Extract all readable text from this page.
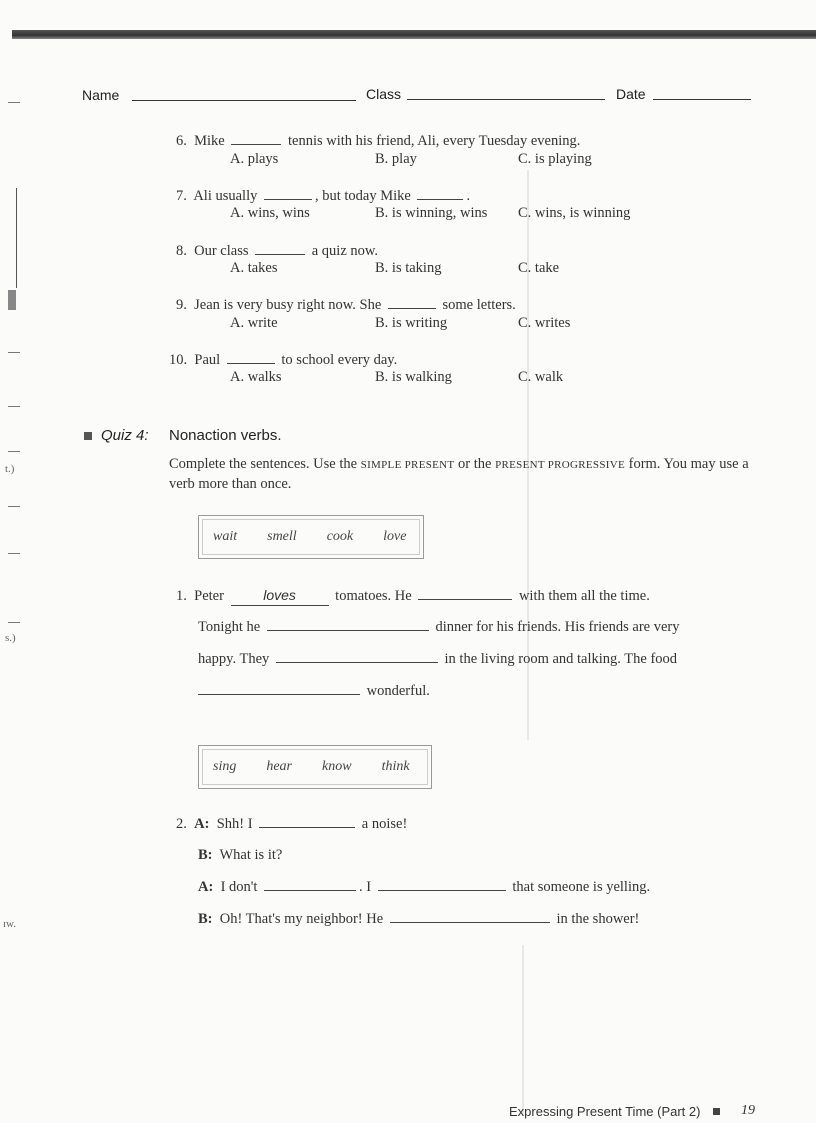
t.)
s.)
ɪw.
Name	Class	Date
6. Mike	tennis with his friend, Ali, every Tuesday evening.
A. plays	B. play	C. is playing
7. Ali usually	, but today Mike	.
A. wins, wins	B. is winning, wins C. wins, is winning
8. Our class	a quiz now.
A. takes	B. is taking	C. take
9. Jean is very busy right now. She	some letters.
A. write	B. is writing	C. writes
10. Paul	to school every day.
A. walks	B. is walking	C. walk
Quiz 4: Nonaction verbs.
Complete the sentences. Use the SIMPLE PRESENT or the PRESENT PROGRESSIVE form. You may use a verb more than once.
wait smell cook love
1. Peter	loves	tomatoes. He	with them all the time.
Tonight he	dinner for his friends. His friends are very
happy. They	in the living room and talking. The food
wonderful.
sing hear know think
2. A: Shh! I	a noise!
B: What is it?
A: I don't	. I	that someone is yelling.
B: Oh! That's my neighbor! He	in the shower!
Expressing Present Time (Part 2)	19
